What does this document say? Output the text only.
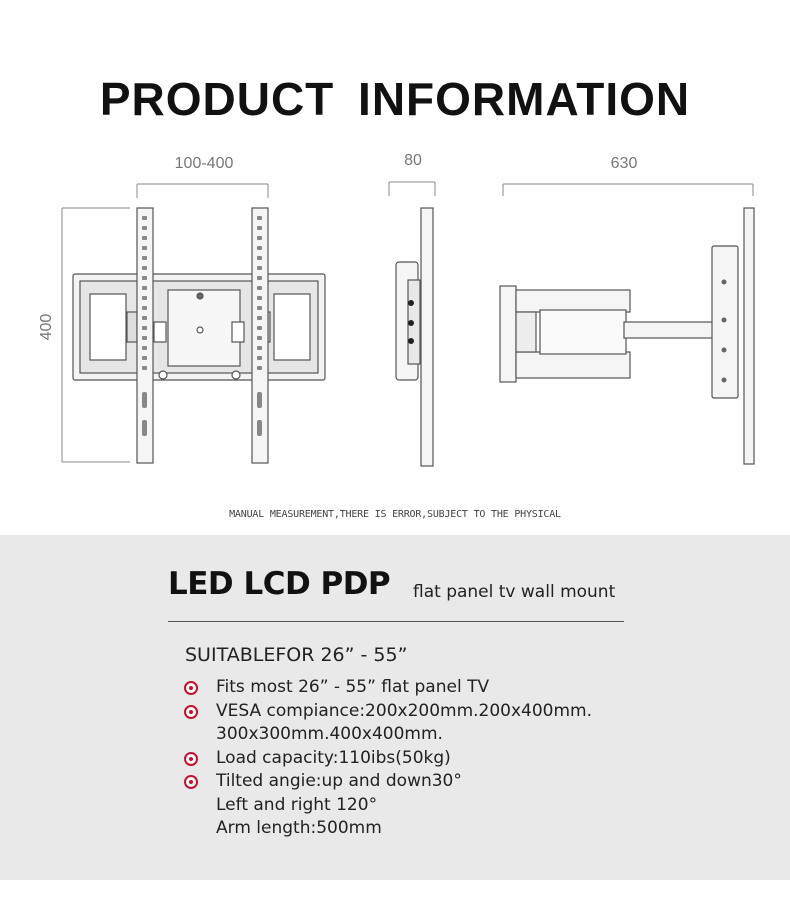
PRODUCT INFORMATION
100-400
400
80	630
MANUAL MEASUREMENT,THERE IS ERROR,SUBJECT TO THE PHYSICAL
LED LCD PDP flat panel tv wall mount
SUITABLEFOR 26” - 55”
Fits most 26” - 55” flat panel TV
VESA compiance:200x200mm.200x400mm.
300x300mm.400x400mm.
Load capacity:110ibs(50kg)
Tilted angie:up and down30°
Left and right 120°
Arm length:500mm
